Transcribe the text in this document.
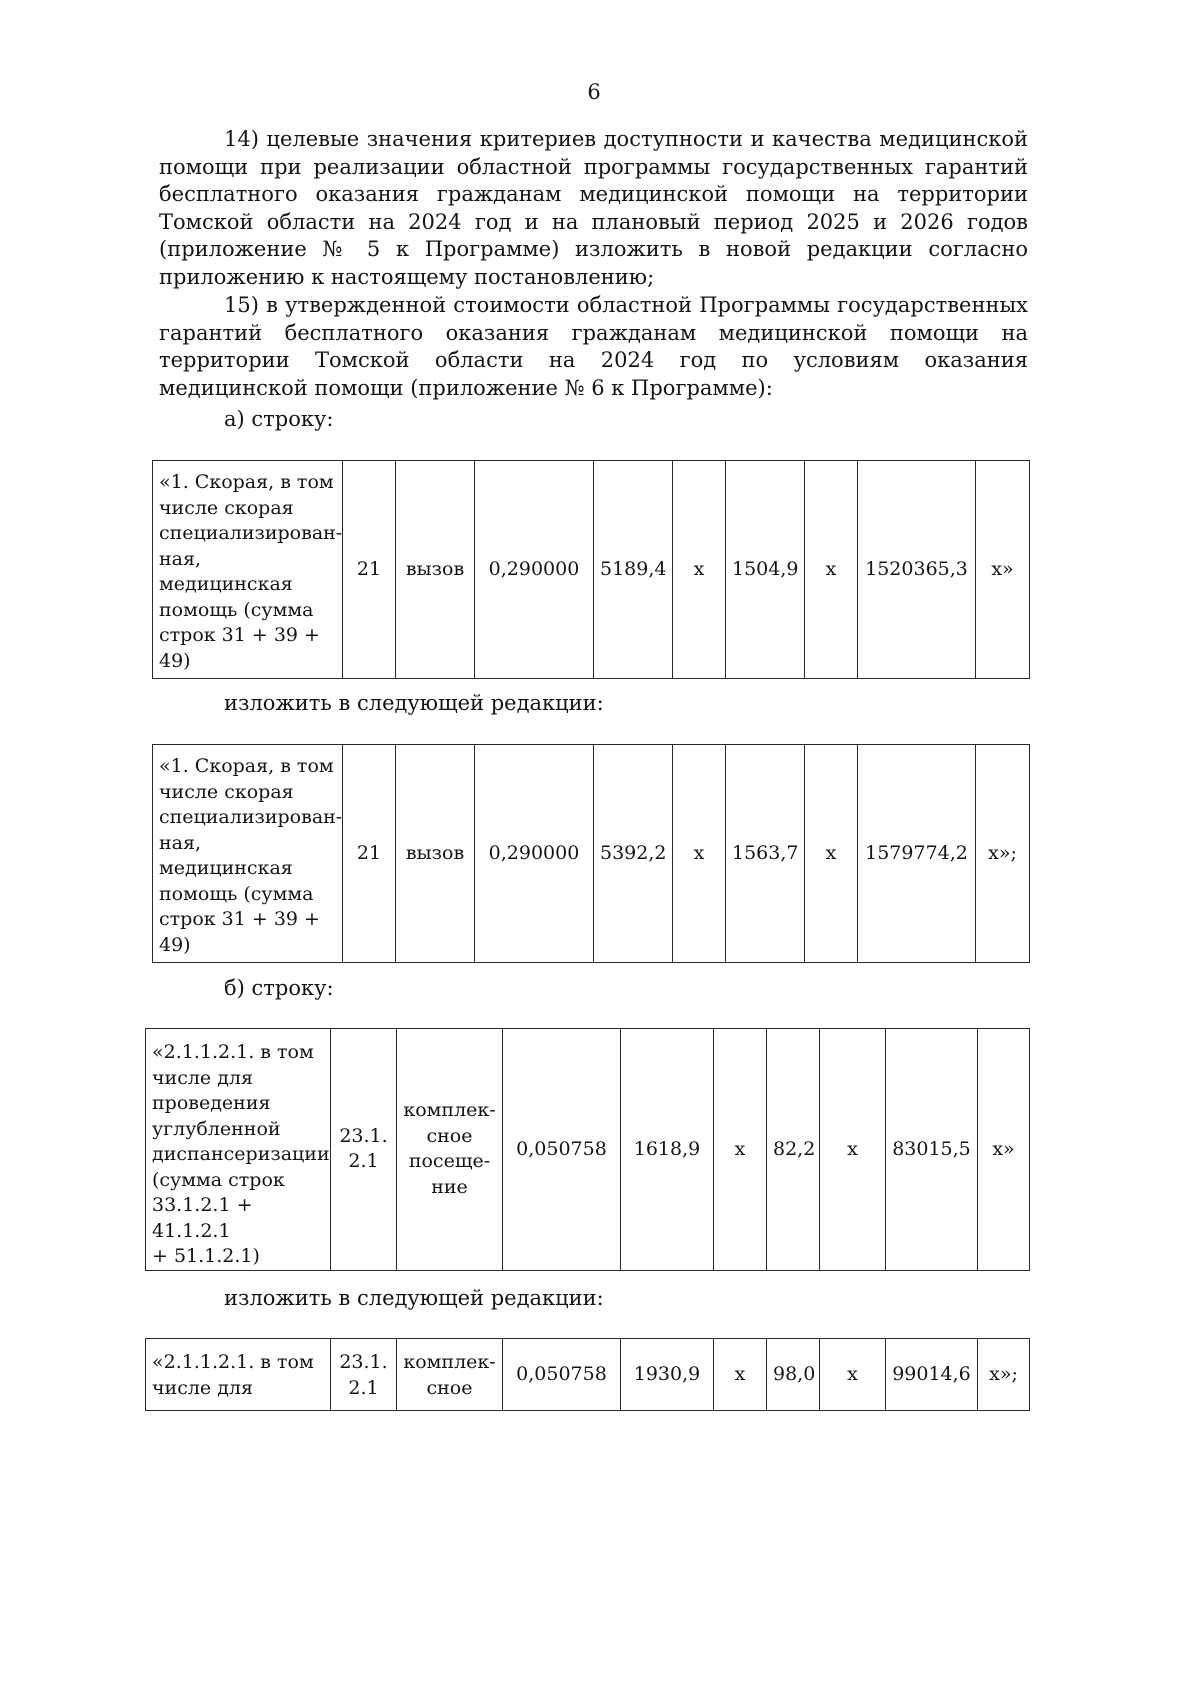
6
14) целевые значения критериев доступности и качества медицинской помощи при реализации областной программы государственных гарантий бесплатного оказания гражданам медицинской помощи на территории Томской области на 2024 год и на плановый период 2025 и 2026 годов (приложение № 5 к Программе) изложить в новой редакции согласно приложению к настоящему постановлению;
15) в утвержденной стоимости областной Программы государственных гарантий бесплатного оказания гражданам медицинской помощи на территории Томской области на 2024 год по условиям оказания медицинской помощи (приложение № 6 к Программе):
а) строку:
«1. Скорая, в том
числе скорая
специализирован-
ная, медицинская
помощь (сумма
строк 31 + 39 +
49)	21	вызов	0,290000	5189,4	х	1504,9	х	1520365,3	х»
изложить в следующей редакции:
«1. Скорая, в том
числе скорая
специализирован-
ная, медицинская
помощь (сумма
строк 31 + 39 +
49)	21	вызов	0,290000	5392,2	х	1563,7	х	1579774,2	х»;
б) строку:
«2.1.1.2.1. в том
числе для
проведения
углубленной
диспансеризации
(сумма строк
33.1.2.1 + 41.1.2.1
+ 51.1.2.1)	23.1.
2.1	комплек-
сное
посеще-
ние	0,050758	1618,9	х	82,2	х	83015,5	х»
изложить в следующей редакции:
«2.1.1.2.1. в том
числе для	23.1.
2.1	комплек-
сное	0,050758	1930,9	х	98,0	х	99014,6	х»;
